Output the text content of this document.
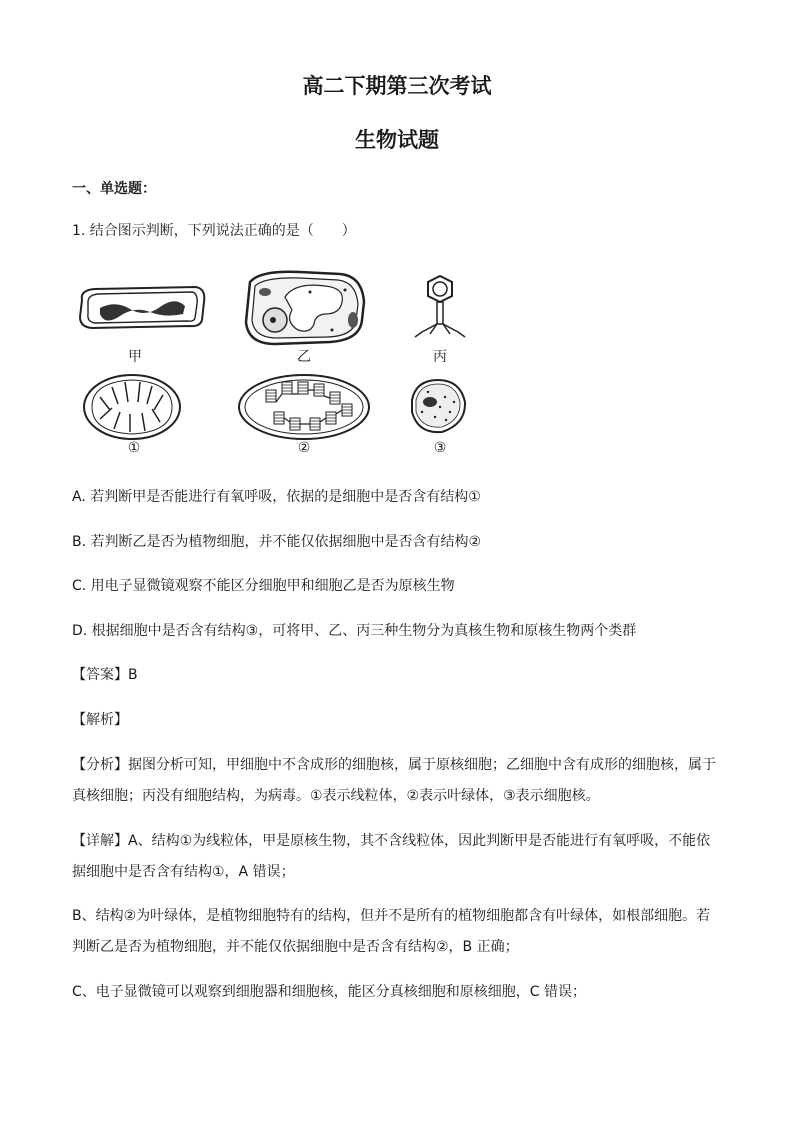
高二下期第三次考试
生物试题
一、单选题：
1. 结合图示判断，下列说法正确的是（　　）
甲	乙	丙
①	②	③
A. 若判断甲是否能进行有氧呼吸，依据的是细胞中是否含有结构①
B. 若判断乙是否为植物细胞，并不能仅依据细胞中是否含有结构②
C. 用电子显微镜观察不能区分细胞甲和细胞乙是否为原核生物
D. 根据细胞中是否含有结构③，可将甲、乙、丙三种生物分为真核生物和原核生物两个类群
【答案】B
【解析】
【分析】据图分析可知，甲细胞中不含成形的细胞核，属于原核细胞；乙细胞中含有成形的细胞核，属于真核细胞；丙没有细胞结构，为病毒。①表示线粒体，②表示叶绿体，③表示细胞核。
【详解】A、结构①为线粒体，甲是原核生物，其不含线粒体，因此判断甲是否能进行有氧呼吸，不能依据细胞中是否含有结构①，A 错误；
B、结构②为叶绿体，是植物细胞特有的结构，但并不是所有的植物细胞都含有叶绿体，如根部细胞。若判断乙是否为植物细胞，并不能仅依据细胞中是否含有结构②，B 正确；
C、电子显微镜可以观察到细胞器和细胞核，能区分真核细胞和原核细胞，C 错误；
